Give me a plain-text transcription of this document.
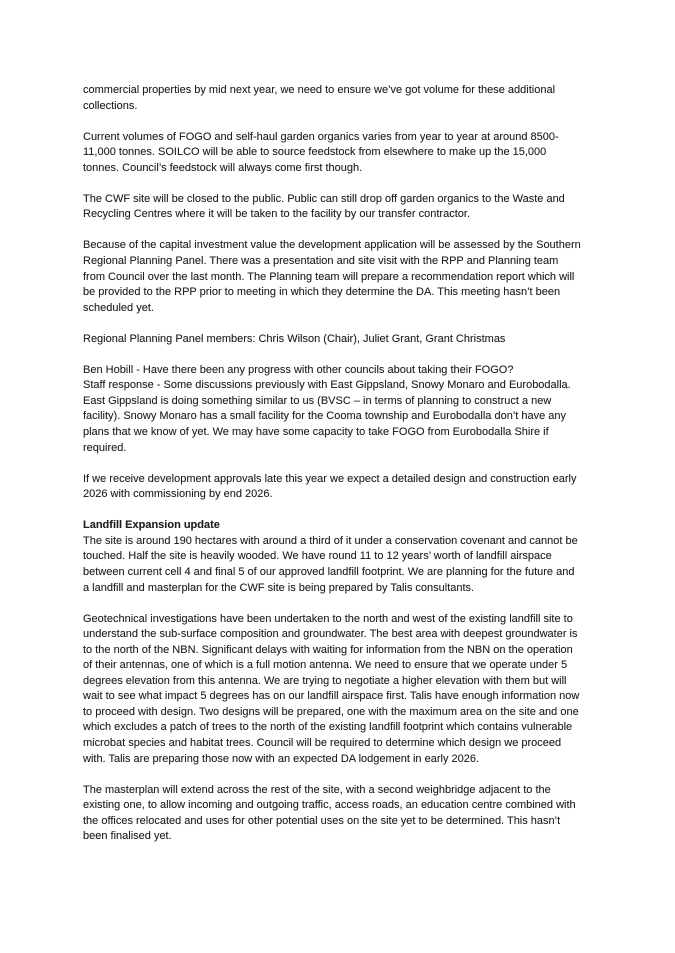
commercial properties by mid next year, we need to ensure we’ve got volume for these additional collections.

Current volumes of FOGO and self-haul garden organics varies from year to year at around 8500-11,000 tonnes. SOILCO will be able to source feedstock from elsewhere to make up the 15,000 tonnes. Council’s feedstock will always come first though.

The CWF site will be closed to the public. Public can still drop off garden organics to the Waste and Recycling Centres where it will be taken to the facility by our transfer contractor.

Because of the capital investment value the development application will be assessed by the Southern Regional Planning Panel. There was a presentation and site visit with the RPP and Planning team from Council over the last month. The Planning team will prepare a recommendation report which will be provided to the RPP prior to meeting in which they determine the DA. This meeting hasn’t been scheduled yet.

Regional Planning Panel members: Chris Wilson (Chair), Juliet Grant, Grant Christmas

Ben Hobill - Have there been any progress with other councils about taking their FOGO?

Staff response - Some discussions previously with East Gippsland, Snowy Monaro and Eurobodalla. East Gippsland is doing something similar to us (BVSC – in terms of planning to construct a new facility). Snowy Monaro has a small facility for the Cooma township and Eurobodalla don’t have any plans that we know of yet. We may have some capacity to take FOGO from Eurobodalla Shire if required.

If we receive development approvals late this year we expect a detailed design and construction early 2026 with commissioning by end 2026.

Landfill Expansion update

The site is around 190 hectares with around a third of it under a conservation covenant and cannot be touched. Half the site is heavily wooded. We have round 11 to 12 years’ worth of landfill airspace between current cell 4 and final 5 of our approved landfill footprint. We are planning for the future and a landfill and masterplan for the CWF site is being prepared by Talis consultants.

Geotechnical investigations have been undertaken to the north and west of the existing landfill site to understand the sub-surface composition and groundwater. The best area with deepest groundwater is to the north of the NBN. Significant delays with waiting for information from the NBN on the operation of their antennas, one of which is a full motion antenna. We need to ensure that we operate under 5 degrees elevation from this antenna. We are trying to negotiate a higher elevation with them but will wait to see what impact 5 degrees has on our landfill airspace first. Talis have enough information now to proceed with design. Two designs will be prepared, one with the maximum area on the site and one which excludes a patch of trees to the north of the existing landfill footprint which contains vulnerable microbat species and habitat trees. Council will be required to determine which design we proceed with. Talis are preparing those now with an expected DA lodgement in early 2026.

The masterplan will extend across the rest of the site, with a second weighbridge adjacent to the existing one, to allow incoming and outgoing traffic, access roads, an education centre combined with the offices relocated and uses for other potential uses on the site yet to be determined. This hasn’t been finalised yet.
